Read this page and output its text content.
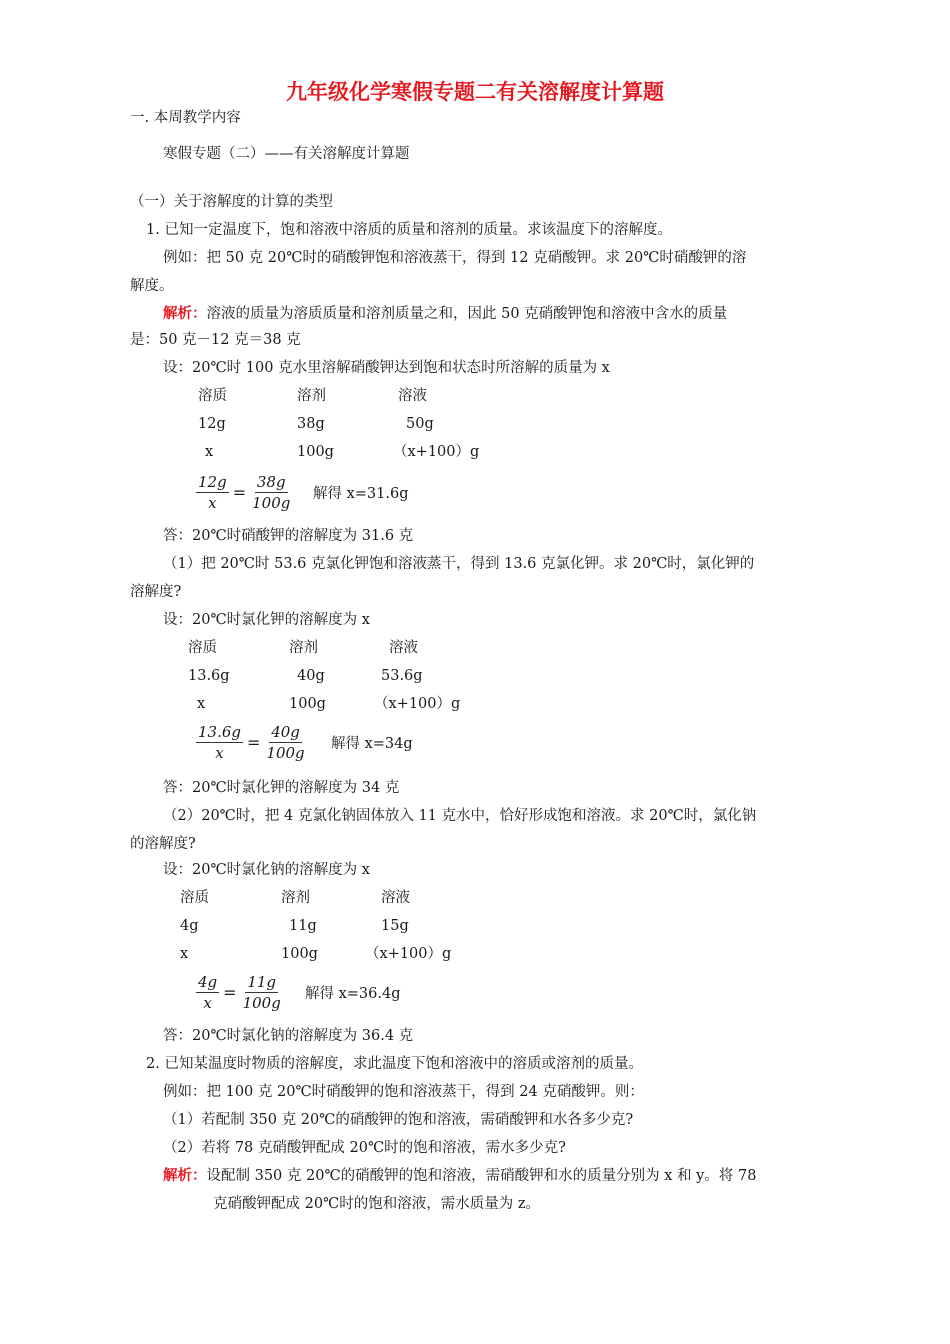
九年级化学寒假专题二有关溶解度计算题
一. 本周教学内容
寒假专题（二）——有关溶解度计算题
（一）关于溶解度的计算的类型
1. 已知一定温度下，饱和溶液中溶质的质量和溶剂的质量。求该温度下的溶解度。
例如：把 50 克 20℃时的硝酸钾饱和溶液蒸干，得到 12 克硝酸钾。求 20℃时硝酸钾的溶
解度。
解析：溶液的质量为溶质质量和溶剂质量之和，因此 50 克硝酸钾饱和溶液中含水的质量
是：50 克－12 克＝38 克
设：20℃时 100 克水里溶解硝酸钾达到饱和状态时所溶解的质量为 x
溶质	溶剂	溶液
12g	38g	50g
x	100g	（x+100）g
$\frac{12g}{x} = \frac{38g}{100g}$ 解得 x=31.6g
答：20℃时硝酸钾的溶解度为 31.6 克
（1）把 20℃时 53.6 克氯化钾饱和溶液蒸干，得到 13.6 克氯化钾。求 20℃时，氯化钾的
溶解度?
设：20℃时氯化钾的溶解度为 x
溶质	溶剂	溶液
13.6g	40g	53.6g
x	100g	（x+100）g
$\frac{13.6g}{x} = \frac{40g}{100g}$ 解得 x=34g
答：20℃时氯化钾的溶解度为 34 克
（2）20℃时，把 4 克氯化钠固体放入 11 克水中，恰好形成饱和溶液。求 20℃时，氯化钠
的溶解度?
设：20℃时氯化钠的溶解度为 x
溶质	溶剂	溶液
4g	11g	15g
x	100g	（x+100）g
$\frac{4g}{x} = \frac{11g}{100g}$ 解得 x=36.4g
答：20℃时氯化钠的溶解度为 36.4 克
2. 已知某温度时物质的溶解度，求此温度下饱和溶液中的溶质或溶剂的质量。
例如：把 100 克 20℃时硝酸钾的饱和溶液蒸干，得到 24 克硝酸钾。则：
（1）若配制 350 克 20℃的硝酸钾的饱和溶液，需硝酸钾和水各多少克?
（2）若将 78 克硝酸钾配成 20℃时的饱和溶液，需水多少克?
解析：设配制 350 克 20℃的硝酸钾的饱和溶液，需硝酸钾和水的质量分别为 x 和 y。将 78
克硝酸钾配成 20℃时的饱和溶液，需水质量为 z。
